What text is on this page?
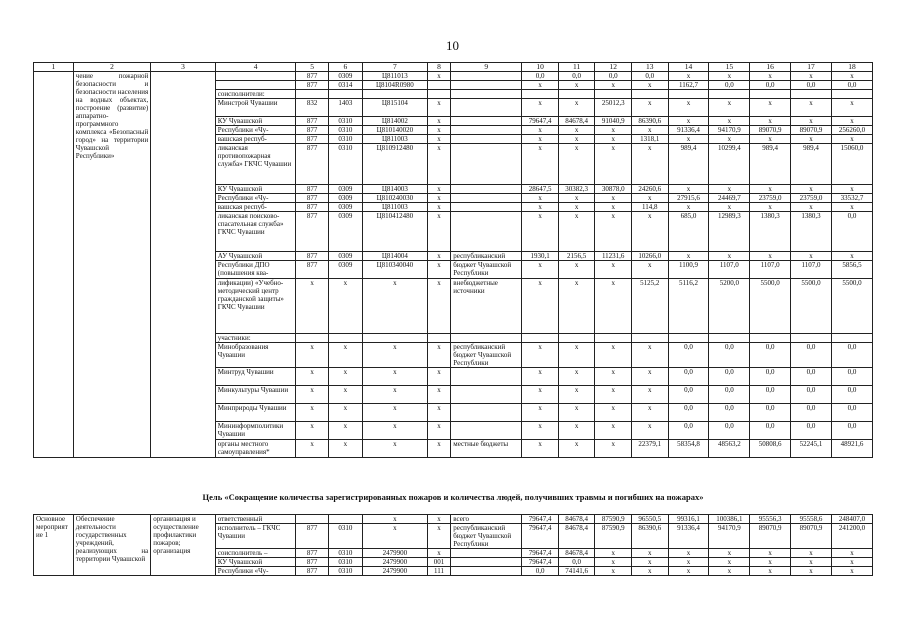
10
1	2	3	4	5	6	7	8	9	10	11	12	13	14	15	16	17	18
	чение пожарной безопасности и безопасности населения на водных объектах, построение (развитие) аппаратно-программного комплекса «Безопасный город» на территории Чувашской Республики»			877	0309	Ц811013	x		0,0	0,0	0,0	0,0	x	x	x	x	x
				877	0314	Ц8104R0980			x	x	x	x	1162,7	0,0	0,0	0,0	0,0
			соисполнители:														
			Минстрой Чувашии	832	1403	Ц815104	x		x	x	25012,3	x	x	x	x	x	x
			КУ Чувашской	877	0310	Ц814002	x		79647,4	84678,4	91040,9	86390,6	x	x	x	x	x
			Республики «Чу-	877	0310	Ц810140020	x		x	x	x	x	91336,4	94170,9	89070,9	89070,9	256260,0
			вашская респуб-	877	0310	Ц811003	x		x	x	x	1318,1	x	x	x	x	x
			ликанская противопожарная служба» ГКЧС Чувашии	877	0310	Ц810912480	x		x	x	x	x	989,4	10299,4	989,4	989,4	15060,0
			КУ Чувашской	877	0309	Ц814003	x		28647,5	30382,3	30878,0	24260,6	x	x	x	x	x
			Республики «Чу-	877	0309	Ц810240030	x		x	x	x	x	27915,6	24469,7	23759,0	23759,0	33532,7
			вашская респуб-	877	0309	Ц811003	x		x	x	x	114,8	x	x	x	x	x
			ликанская поисково-спасательная служба» ГКЧС Чувашии	877	0309	Ц810412480	x		x	x	x	x	685,0	12989,3	1380,3	1380,3	0,0
			АУ Чувашской	877	0309	Ц814004	x	республиканский	1930,1	2156,5	11231,6	10266,0	x	x	x	x	x
			Республики ДПО (повышения ква-	877	0309	Ц810340040	x	бюджет Чувашской Республики	x	x	x	x	1100,9	1107,0	1107,0	1107,0	5856,5
			лификации) «Учебно-методический центр гражданской защиты» ГКЧС Чувашии	x	x	x	x	внебюджетные источники	x	x	x	5125,2	5116,2	5200,0	5500,0	5500,0	5500,0
			участники:														
			Минобразования Чувашии	x	x	x	x	республиканский бюджет Чувашской Республики	x	x	x	x	0,0	0,0	0,0	0,0	0,0
			Минтруд Чувашии	x	x	x	x		x	x	x	x	0,0	0,0	0,0	0,0	0,0
			Минкультуры Чувашии	x	x	x	x		x	x	x	x	0,0	0,0	0,0	0,0	0,0
			Минприроды Чувашии	x	x	x	x		x	x	x	x	0,0	0,0	0,0	0,0	0,0
			Мининформполитики Чувашии	x	x	x	x		x	x	x	x	0,0	0,0	0,0	0,0	0,0
			органы местного самоуправления*	x	x	x	x	местные бюджеты	x	x	x	22379,1	58354,8	48563,2	50808,6	52245,1	48921,6
Цель «Сокращение количества зарегистрированных пожаров и количества людей, получивших травмы и погибших на пожарах»
Основное мероприятие 1	Обеспечение деятельности государственных учреждений, реализующих на территории Чувашской	организация и осуществление профилактики пожаров; организация	ответственный			x	x	всего	79647,4	84678,4	87590,9	96550,5	99316,1	100386,1	95556,3	95558,6	248407,0
			исполнитель – ГКЧС Чувашии	877	0310	x	x	республиканский бюджет Чувашской Республики	79647,4	84678,4	87590,9	86390,6	91336,4	94170,9	89070,9	89070,9	241200,0
			соисполнитель –	877	0310	2479900	x		79647,4	84678,4	x	x	x	x	x	x	x
			КУ Чувашской	877	0310	2479900	001		79647,4	0,0	x	x	x	x	x	x	x
			Республики «Чу-	877	0310	2479900	111		0,0	74141,6	x	x	x	x	x	x	x
